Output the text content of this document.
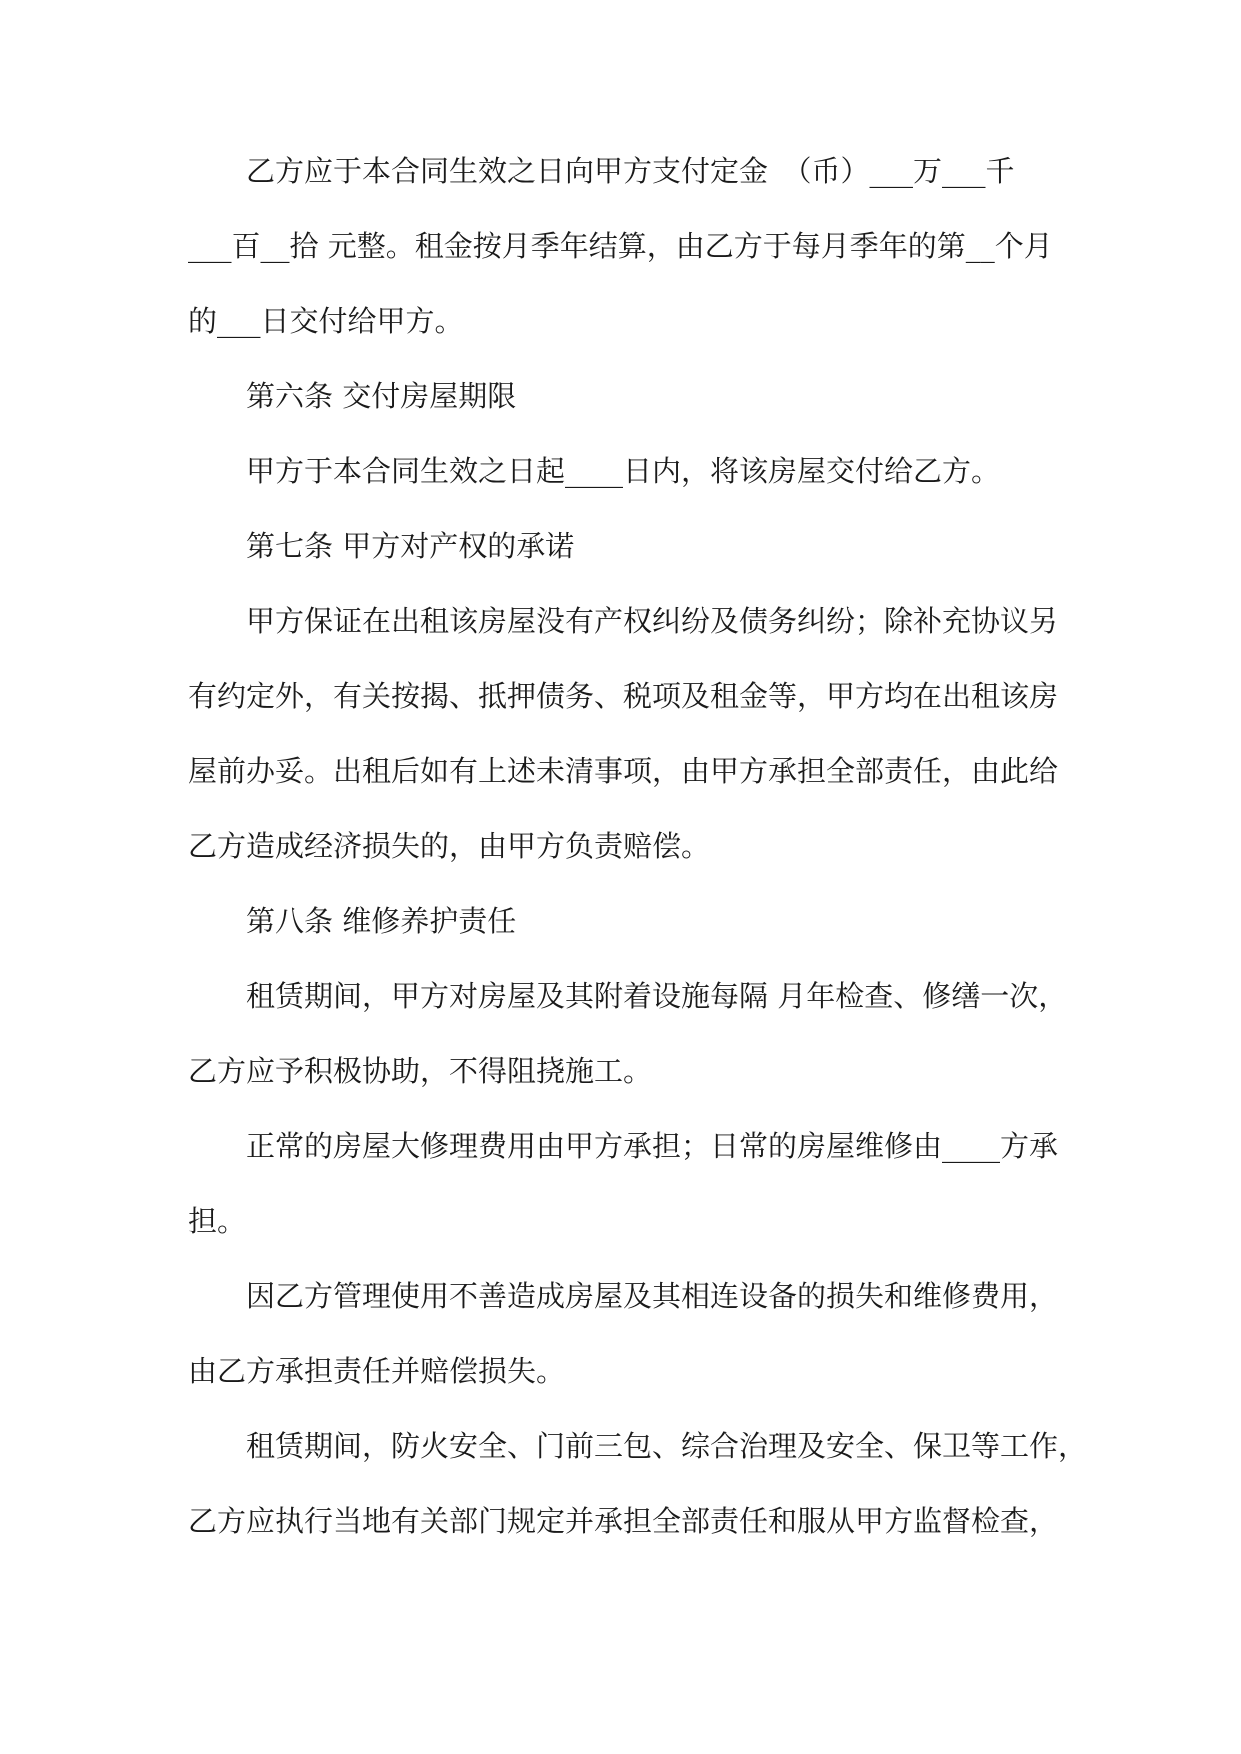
乙方应于本合同生效之日向甲方支付定金　（币）___万___千

___百__拾 元整。租金按月季年结算，由乙方于每月季年的第__个月

的___日交付给甲方。

第六条 交付房屋期限

甲方于本合同生效之日起____日内，将该房屋交付给乙方。

第七条 甲方对产权的承诺

甲方保证在出租该房屋没有产权纠纷及债务纠纷；除补充协议另

有约定外，有关按揭、抵押债务、税项及租金等，甲方均在出租该房

屋前办妥。出租后如有上述未清事项，由甲方承担全部责任，由此给

乙方造成经济损失的，由甲方负责赔偿。

第八条 维修养护责任

租赁期间，甲方对房屋及其附着设施每隔 月年检查、修缮一次，

乙方应予积极协助，不得阻挠施工。

正常的房屋大修理费用由甲方承担；日常的房屋维修由____方承

担。

因乙方管理使用不善造成房屋及其相连设备的损失和维修费用，

由乙方承担责任并赔偿损失。

租赁期间，防火安全、门前三包、综合治理及安全、保卫等工作，

乙方应执行当地有关部门规定并承担全部责任和服从甲方监督检查，
